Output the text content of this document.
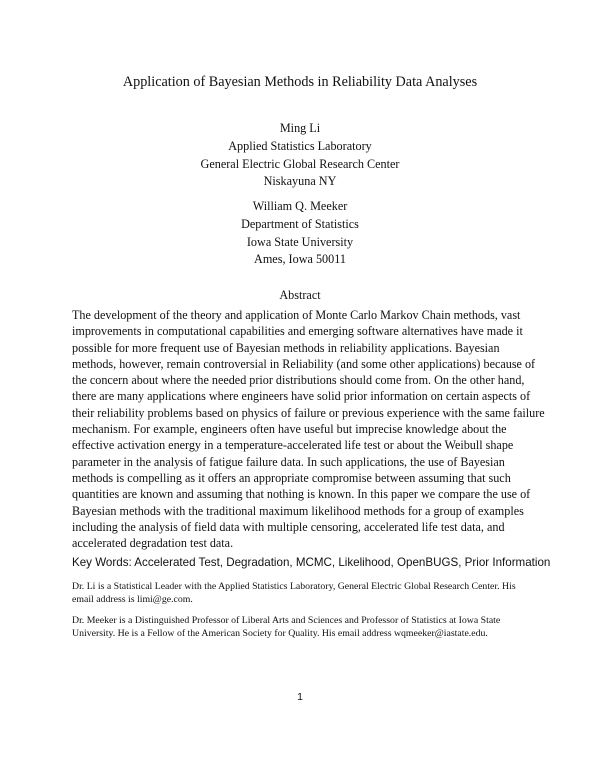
Application of Bayesian Methods in Reliability Data Analyses
Ming Li
Applied Statistics Laboratory
General Electric Global Research Center
Niskayuna NY
William Q. Meeker
Department of Statistics
Iowa State University
Ames, Iowa 50011
Abstract
The development of the theory and application of Monte Carlo Markov Chain methods, vast
improvements in computational capabilities and emerging software alternatives have made it
possible for more frequent use of Bayesian methods in reliability applications. Bayesian
methods, however, remain controversial in Reliability (and some other applications) because of
the concern about where the needed prior distributions should come from. On the other hand,
there are many applications where engineers have solid prior information on certain aspects of
their reliability problems based on physics of failure or previous experience with the same failure
mechanism. For example, engineers often have useful but imprecise knowledge about the
effective activation energy in a temperature-accelerated life test or about the Weibull shape
parameter in the analysis of fatigue failure data. In such applications, the use of Bayesian
methods is compelling as it offers an appropriate compromise between assuming that such
quantities are known and assuming that nothing is known. In this paper we compare the use of
Bayesian methods with the traditional maximum likelihood methods for a group of examples
including the analysis of field data with multiple censoring, accelerated life test data, and
accelerated degradation test data.
Key Words: Accelerated Test, Degradation, MCMC, Likelihood, OpenBUGS, Prior Information
Dr. Li is a Statistical Leader with the Applied Statistics Laboratory, General Electric Global Research Center. His
email address is limi@ge.com.
Dr. Meeker is a Distinguished Professor of Liberal Arts and Sciences and Professor of Statistics at Iowa State
University. He is a Fellow of the American Society for Quality. His email address wqmeeker@iastate.edu.
1
